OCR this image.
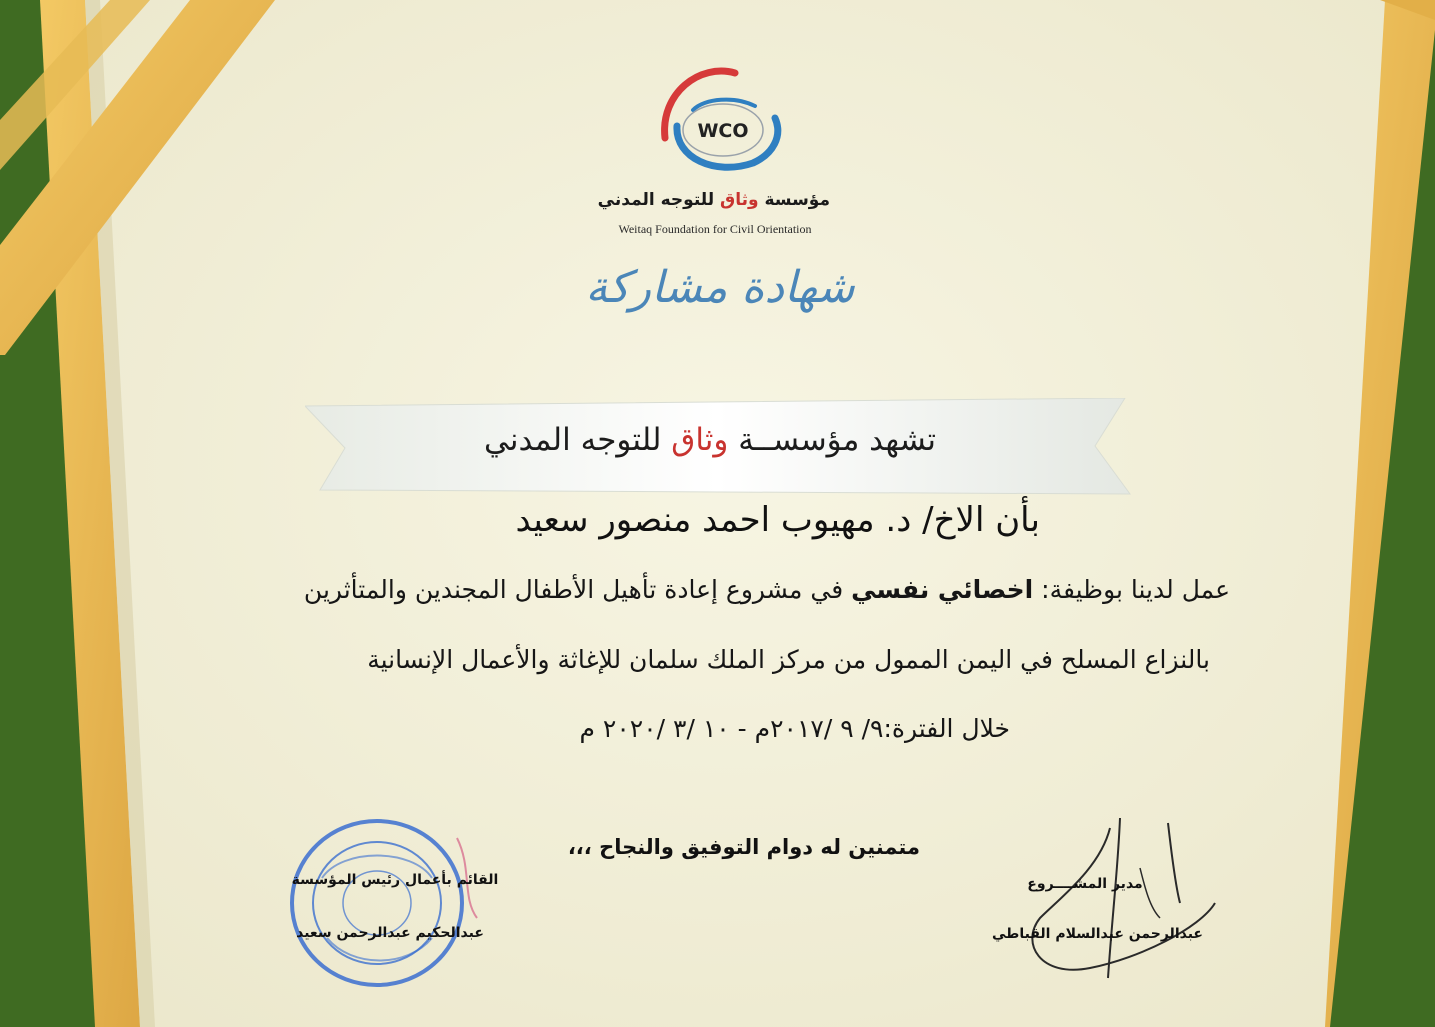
WCO
مؤسسة وثاق للتوجه المدني
Weitaq Foundation for Civil Orientation
شهادة مشاركة
تشهد مؤسســة وثاق للتوجه المدني
بأن الاخ/ د. مهيوب احمد منصور سعيد
عمل لدينا بوظيفة: اخصائي نفسي في مشروع إعادة تأهيل الأطفال المجندين والمتأثرين
بالنزاع المسلح في اليمن الممول من مركز الملك سلمان للإغاثة والأعمال الإنسانية
خلال الفترة:٩/ ٩ /٢٠١٧م - ١٠ /٣ /٢٠٢٠ م
متمنين له دوام التوفيق والنجاح ،،،
القائم بأعمال رئيس المؤسسة
عبدالحكيم عبدالرحمن سعيد
مدير المشــــروع
عبدالرحمن عبدالسلام القباطي
